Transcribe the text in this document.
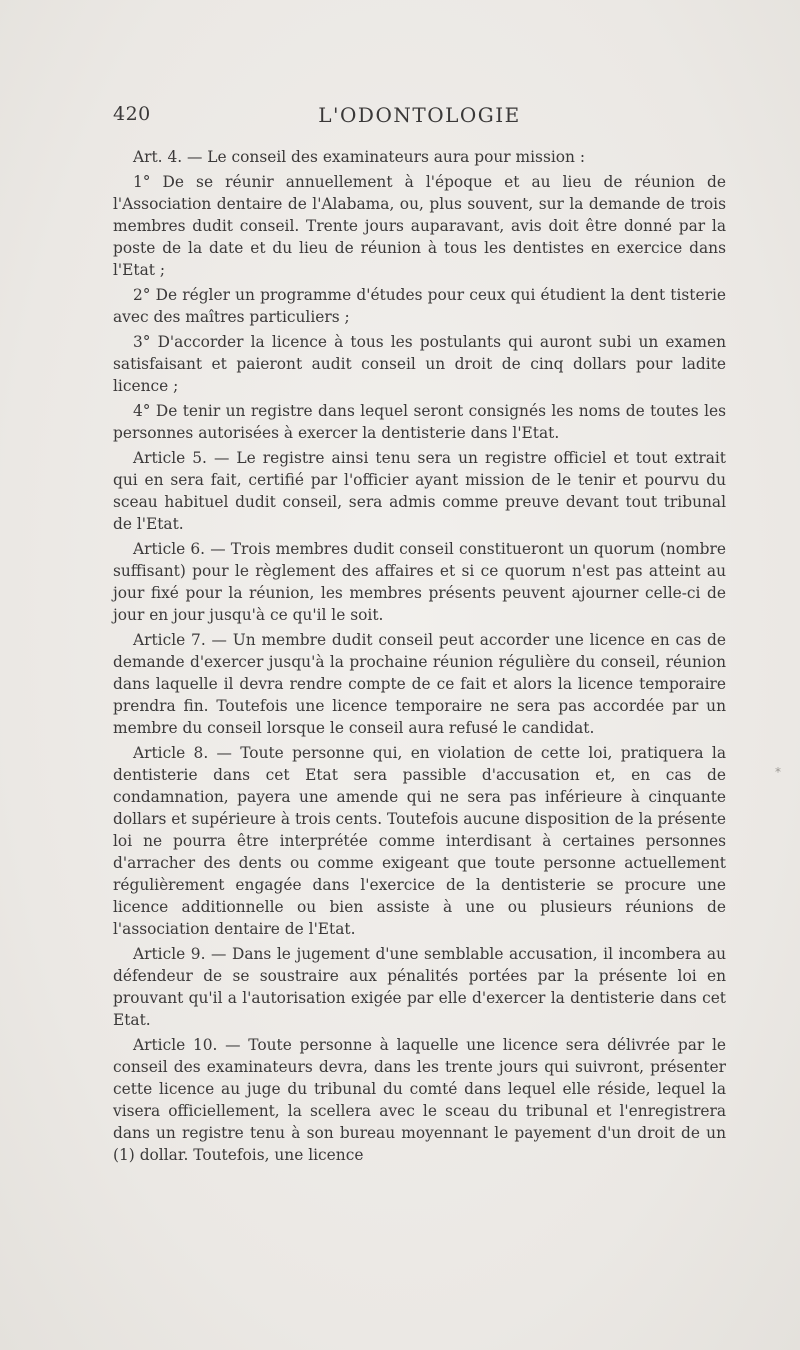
420	L'ODONTOLOGIE

Art. 4. — Le conseil des examinateurs aura pour mission :

1° De se réunir annuellement à l'époque et au lieu de réunion de l'Association dentaire de l'Alabama, ou, plus souvent, sur la demande de trois membres dudit conseil. Trente jours auparavant, avis doit être donné par la poste de la date et du lieu de réunion à tous les dentistes en exercice dans l'Etat ;

2° De régler un programme d'études pour ceux qui étudient la dent tisterie avec des maîtres particuliers ;

3° D'accorder la licence à tous les postulants qui auront subi un examen satisfaisant et paieront audit conseil un droit de cinq dollars pour ladite licence ;

4° De tenir un registre dans lequel seront consignés les noms de toutes les personnes autorisées à exercer la dentisterie dans l'Etat.

Article 5. — Le registre ainsi tenu sera un registre officiel et tout extrait qui en sera fait, certifié par l'officier ayant mission de le tenir et pourvu du sceau habituel dudit conseil, sera admis comme preuve devant tout tribunal de l'Etat.

Article 6. — Trois membres dudit conseil constitueront un quorum (nombre suffisant) pour le règlement des affaires et si ce quorum n'est pas atteint au jour fixé pour la réunion, les membres présents peuvent ajourner celle-ci de jour en jour jusqu'à ce qu'il le soit.

Article 7. — Un membre dudit conseil peut accorder une licence en cas de demande d'exercer jusqu'à la prochaine réunion régulière du conseil, réunion dans laquelle il devra rendre compte de ce fait et alors la licence temporaire prendra fin. Toutefois une licence temporaire ne sera pas accordée par un membre du conseil lorsque le conseil aura refusé le candidat.

Article 8. — Toute personne qui, en violation de cette loi, pratiquera la dentisterie dans cet Etat sera passible d'accusation et, en cas de condamnation, payera une amende qui ne sera pas inférieure à cinquante dollars et supérieure à trois cents. Toutefois aucune disposition de la présente loi ne pourra être interprétée comme interdisant à certaines personnes d'arracher des dents ou comme exigeant que toute personne actuellement régulièrement engagée dans l'exercice de la dentisterie se procure une licence additionnelle ou bien assiste à une ou plusieurs réunions de l'association dentaire de l'Etat.

Article 9. — Dans le jugement d'une semblable accusation, il incombera au défendeur de se soustraire aux pénalités portées par la présente loi en prouvant qu'il a l'autorisation exigée par elle d'exercer la dentisterie dans cet Etat.

Article 10. — Toute personne à laquelle une licence sera délivrée par le conseil des examinateurs devra, dans les trente jours qui suivront, présenter cette licence au juge du tribunal du comté dans lequel elle réside, lequel la visera officiellement, la scellera avec le sceau du tribunal et l'enregistrera dans un registre tenu à son bureau moyennant le payement d'un droit de un (1) dollar. Toutefois, une licence

*
